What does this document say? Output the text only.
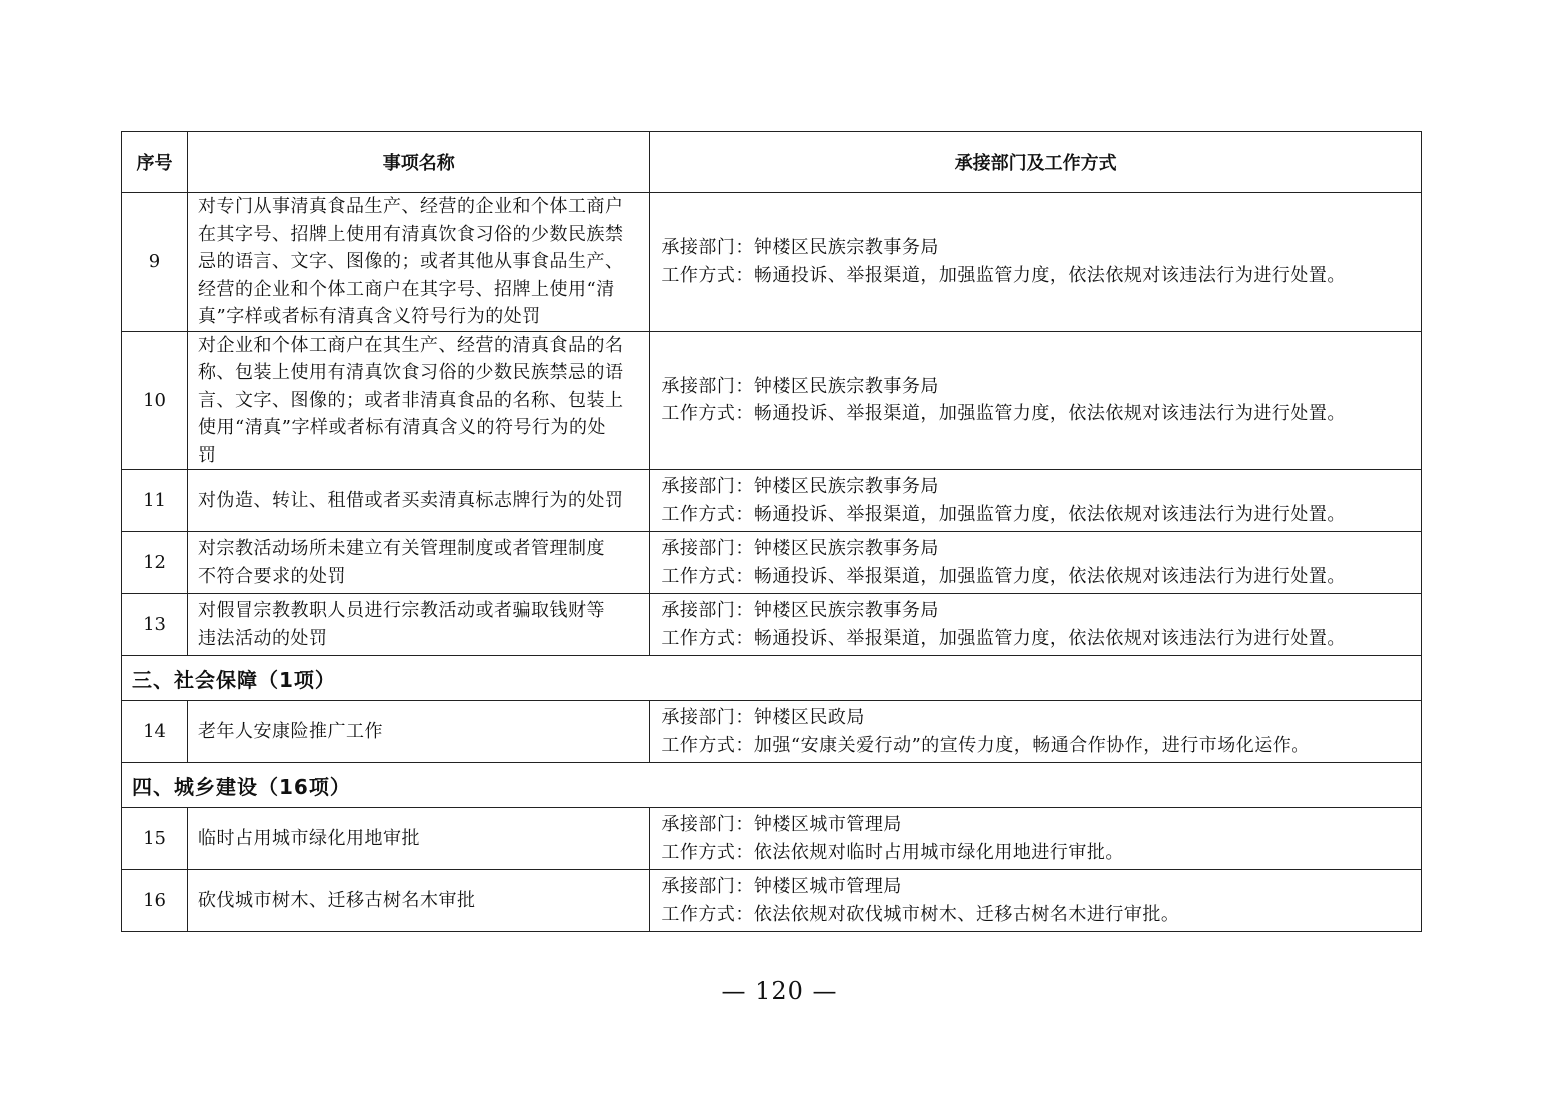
序号	事项名称	承接部门及工作方式
9	对专门从事清真食品生产、经营的企业和个体工商户
在其字号、招牌上使用有清真饮食习俗的少数民族禁
忌的语言、文字、图像的；或者其他从事食品生产、
经营的企业和个体工商户在其字号、招牌上使用“清
真”字样或者标有清真含义符号行为的处罚	承接部门：钟楼区民族宗教事务局
工作方式：畅通投诉、举报渠道，加强监管力度，依法依规对该违法行为进行处置。

10	对企业和个体工商户在其生产、经营的清真食品的名
称、包装上使用有清真饮食习俗的少数民族禁忌的语
言、文字、图像的；或者非清真食品的名称、包装上
使用“清真”字样或者标有清真含义的符号行为的处
罚	承接部门：钟楼区民族宗教事务局
工作方式：畅通投诉、举报渠道，加强监管力度，依法依规对该违法行为进行处置。

11	对伪造、转让、租借或者买卖清真标志牌行为的处罚	承接部门：钟楼区民族宗教事务局
工作方式：畅通投诉、举报渠道，加强监管力度，依法依规对该违法行为进行处置。

12	对宗教活动场所未建立有关管理制度或者管理制度
不符合要求的处罚	承接部门：钟楼区民族宗教事务局
工作方式：畅通投诉、举报渠道，加强监管力度，依法依规对该违法行为进行处置。

13	对假冒宗教教职人员进行宗教活动或者骗取钱财等
违法活动的处罚	承接部门：钟楼区民族宗教事务局
工作方式：畅通投诉、举报渠道，加强监管力度，依法依规对该违法行为进行处置。

三、社会保障（1项）		
14	老年人安康险推广工作	承接部门：钟楼区民政局
工作方式：加强“安康关爱行动”的宣传力度，畅通合作协作，进行市场化运作。

四、城乡建设（16项）		
15	临时占用城市绿化用地审批	承接部门：钟楼区城市管理局
工作方式：依法依规对临时占用城市绿化用地进行审批。

16	砍伐城市树木、迁移古树名木审批	承接部门：钟楼区城市管理局
工作方式：依法依规对砍伐城市树木、迁移古树名木进行审批。
— 120 —
